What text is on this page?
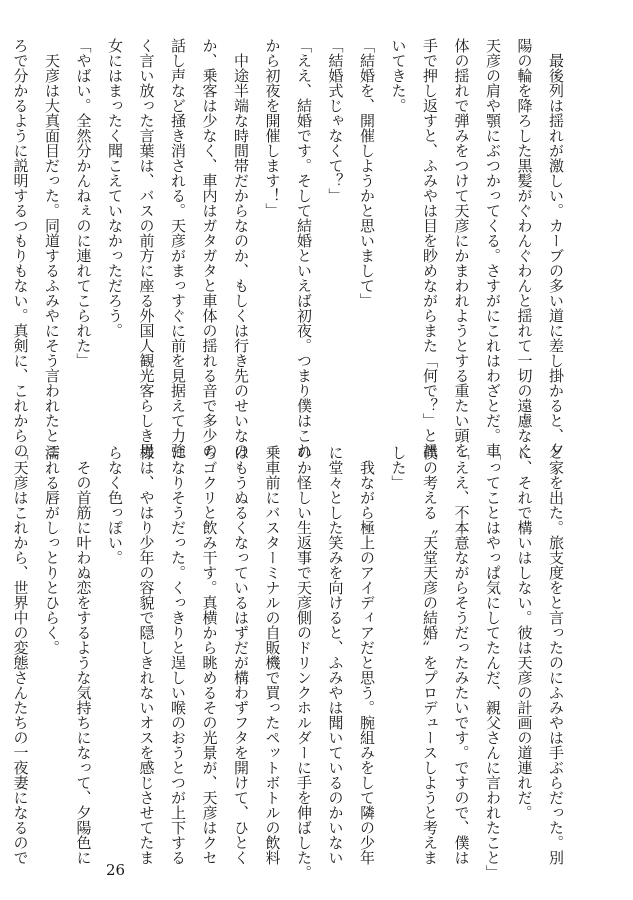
　最後列は揺れが激しい。カーブの多い道に差し掛かると、夕

陽の輪を降ろした黒髪がぐわんぐわんと揺れて一切の遠慮なく

天彦の肩や顎にぶつかってくる。さすがにこれはわざとだ。車

体の揺れで弾みをつけて天彦にかまわれようとする重たい頭を

手で押し返すと、ふみやは目を眇めながらまた「何で？」と訊

いてきた。

「結婚を、開催しようかと思いまして」

「結婚式じゃなくて？」

「ええ、結婚です。そして結婚といえば初夜。つまり僕はこれ

から初夜を開催します！」

　中途半端な時間帯だからなのか、もしくは行き先のせいなの

か、乗客は少なく、車内はガタガタと車体の揺れる音で多少の

話し声など掻き消される。天彦がまっすぐに前を見据えて力強

く言い放った言葉は、バスの前方に座る外国人観光客らしき男

女にはまったく聞こえていなかっただろう。

「やばい。全然分かんねぇのに連れてこられた」

　天彦は大真面目だった。同道するふみやにそう言われたとこ

ろで分かるように説明するつもりもない。真剣に、これからの

と家を出た。旅支度をと言ったのにふみやは手ぶらだった。別

に、それで構いはしない。彼は天彦の計画の道連れだ。

「ってことはやっぱ気にしてたんだ、親父さんに言われたこと」

「ええ、不本意ながらそうだったみたいです。ですので、僕は

僕の考える〝天堂天彦の結婚〟をプロデュースしようと考えま

した」

　我ながら極上のアイディアだと思う。腕組みをして隣の少年

に堂々とした笑みを向けると、ふみやは聞いているのかいない

のか怪しい生返事で天彦側のドリンクホルダーに手を伸ばした。

乗車前にバスターミナルの自販機で買ったペットボトルの飲料

はもうぬるくなっているはずだが構わずフタを開けて、ひとく

ちゴクリと飲み干す。真横から眺めるその光景が、天彦はクセ

になりそうだった。くっきりと逞しい喉のおうとつが上下する

様は、やはり少年の容貌で隠しきれないオスを感じさせてたま

らなく色っぽい。

　その首筋に叶わぬ恋をするような気持ちになって、夕陽色に

濡れる唇がしっとりとひらく。

「天彦はこれから、世界中の変態さんたちの一夜妻になるので

26
